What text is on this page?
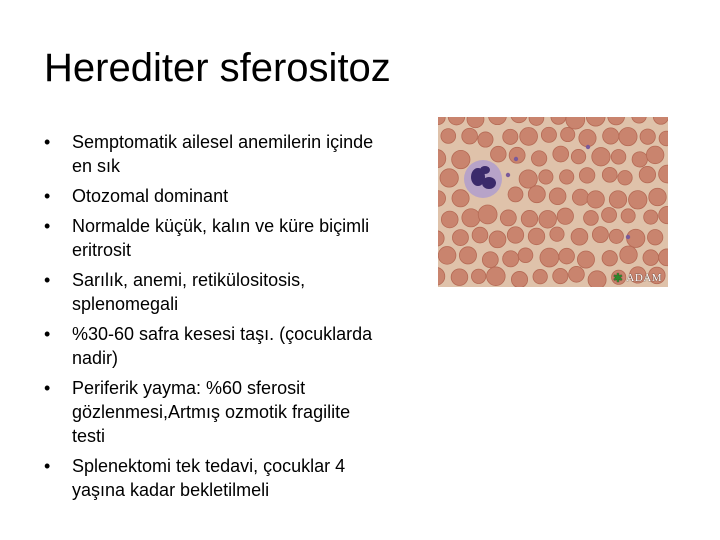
Herediter sferositoz
•	Semptomatik ailesel anemilerin içinde en sık
•	Otozomal dominant
•	Normalde küçük, kalın ve küre biçimli eritrosit
•	Sarılık, anemi, retikülositosis, splenomegali
•	%30-60 safra kesesi taşı. (çocuklarda nadir)
•	Periferik yayma: %60 sferosit gözlenmesi,Artmış ozmotik fragilite testi
•	Splenektomi tek tedavi, çocuklar 4 yaşına kadar bekletilmeli
✱ ADAM
